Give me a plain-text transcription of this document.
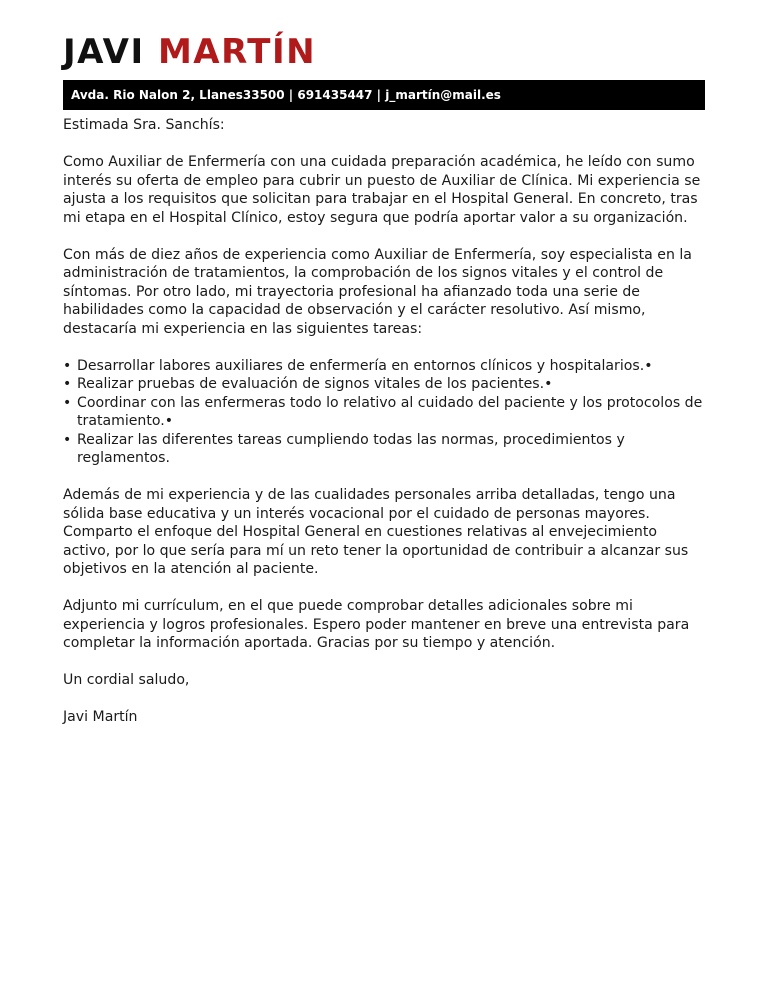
JAVI MARTÍN
Avda. Rio Nalon 2, Llanes33500 | 691435447 | j_martín@mail.es

Estimada Sra. Sanchís:

Como Auxiliar de Enfermería con una cuidada preparación académica, he leído con sumo interés su oferta de empleo para cubrir un puesto de Auxiliar de Clínica. Mi experiencia se ajusta a los requisitos que solicitan para trabajar en el Hospital General. En concreto, tras mi etapa en el Hospital Clínico, estoy segura que podría aportar valor a su organización.

Con más de diez años de experiencia como Auxiliar de Enfermería, soy especialista en la administración de tratamientos, la comprobación de los signos vitales y el control de síntomas. Por otro lado, mi trayectoria profesional ha afianzado toda una serie de habilidades como la capacidad de observación y el carácter resolutivo. Así mismo, destacaría mi experiencia en las siguientes tareas:

• Desarrollar labores auxiliares de enfermería en entornos clínicos y hospitalarios.•
• Realizar pruebas de evaluación de signos vitales de los pacientes.•
• Coordinar con las enfermeras todo lo relativo al cuidado del paciente y los protocolos de tratamiento.•
• Realizar las diferentes tareas cumpliendo todas las normas, procedimientos y reglamentos.

Además de mi experiencia y de las cualidades personales arriba detalladas, tengo una sólida base educativa y un interés vocacional por el cuidado de personas mayores. Comparto el enfoque del Hospital General en cuestiones relativas al envejecimiento activo, por lo que sería para mí un reto tener la oportunidad de contribuir a alcanzar sus objetivos en la atención al paciente.

Adjunto mi currículum, en el que puede comprobar detalles adicionales sobre mi experiencia y logros profesionales. Espero poder mantener en breve una entrevista para completar la información aportada. Gracias por su tiempo y atención.

Un cordial saludo,

Javi Martín
